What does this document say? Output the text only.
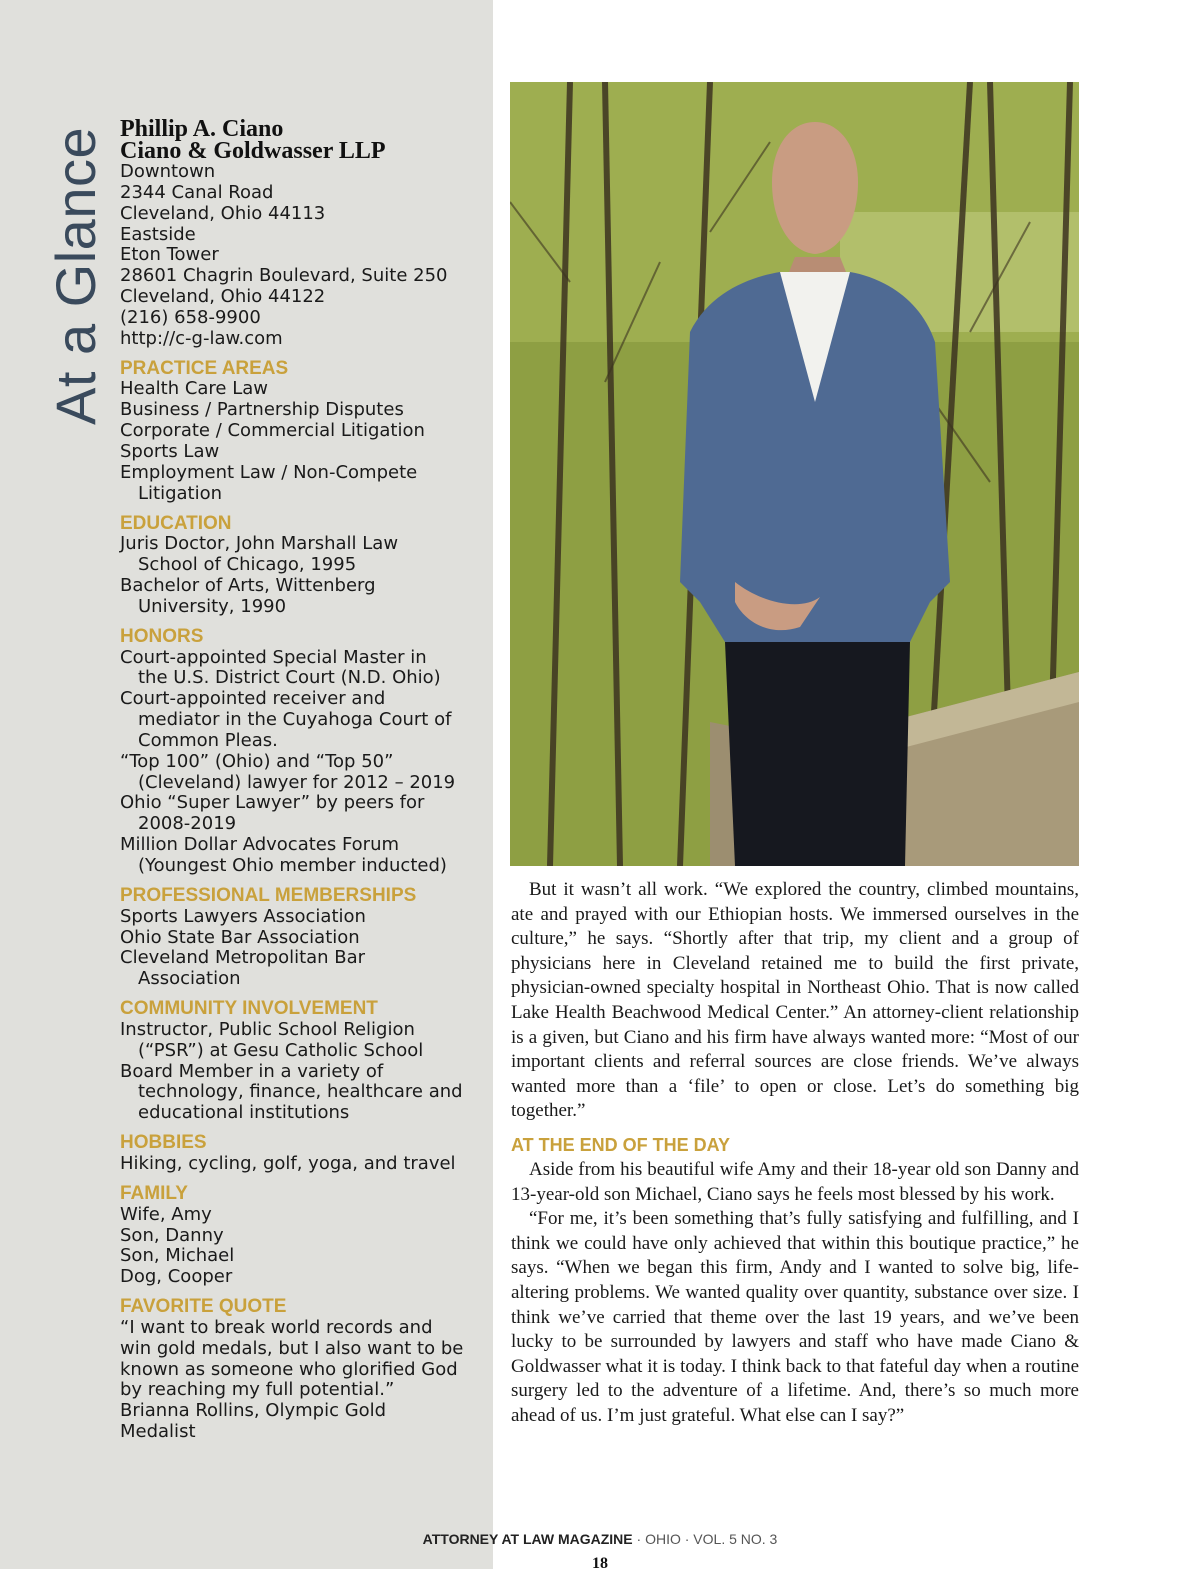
At a Glance Phillip A. Ciano
Ciano & Goldwasser LLP
Downtown
2344 Canal Road
Cleveland, Ohio 44113
Eastside
Eton Tower
28601 Chagrin Boulevard, Suite 250
Cleveland, Ohio 44122
(216) 658-9900
http://c-g-law.com
PRACTICE AREAS
Health Care Law
Business / Partnership Disputes
Corporate / Commercial Litigation
Sports Law
Employment Law / Non-Compete
Litigation
EDUCATION
Juris Doctor, John Marshall Law
School of Chicago, 1995
Bachelor of Arts, Wittenberg
University, 1990
HONORS
Court-appointed Special Master in
the U.S. District Court (N.D. Ohio)
Court-appointed receiver and
mediator in the Cuyahoga Court of
Common Pleas.
“Top 100” (Ohio) and “Top 50”
(Cleveland) lawyer for 2012 – 2019
Ohio “Super Lawyer” by peers for
2008-2019
Million Dollar Advocates Forum
(Youngest Ohio member inducted)
PROFESSIONAL MEMBERSHIPS
Sports Lawyers Association
Ohio State Bar Association
Cleveland Metropolitan Bar
Association
COMMUNITY INVOLVEMENT
Instructor, Public School Religion
(“PSR”) at Gesu Catholic School
Board Member in a variety of
technology, finance, healthcare and
educational institutions
HOBBIES
Hiking, cycling, golf, yoga, and travel
FAMILY
Wife, Amy
Son, Danny
Son, Michael
Dog, Cooper
FAVORITE QUOTE
“I want to break world records and
win gold medals, but I also want to be
known as someone who glorified God
by reaching my full potential.”
Brianna Rollins, Olympic Gold
Medalist

But it wasn’t all work. “We explored the country, climbed mountains, ate and prayed with our Ethiopian hosts. We immersed ourselves in the culture,” he says. “Shortly after that trip, my client and a group of physicians here in Cleveland retained me to build the first private, physician-owned specialty hospital in Northeast Ohio. That is now called Lake Health Beachwood Medical Center.” An attorney-client relationship is a given, but Ciano and his firm have always wanted more: “Most of our important clients and referral sources are close friends. We’ve always wanted more than a ‘file’ to open or close. Let’s do something big together.”

AT THE END OF THE DAY

Aside from his beautiful wife Amy and their 18-year old son Danny and 13-year-old son Michael, Ciano says he feels most blessed by his work.

“For me, it’s been something that’s fully satisfying and fulfilling, and I think we could have only achieved that within this boutique practice,” he says. “When we began this firm, Andy and I wanted to solve big, life-altering problems. We wanted quality over quantity, substance over size. I think we’ve carried that theme over the last 19 years, and we’ve been lucky to be surrounded by lawyers and staff who have made Ciano & Goldwasser what it is today. I think back to that fateful day when a routine surgery led to the adventure of a lifetime. And, there’s so much more ahead of us. I’m just grateful. What else can I say?”

ATTORNEY AT LAW MAGAZINE · OHIO · VOL. 5 NO. 3
18
